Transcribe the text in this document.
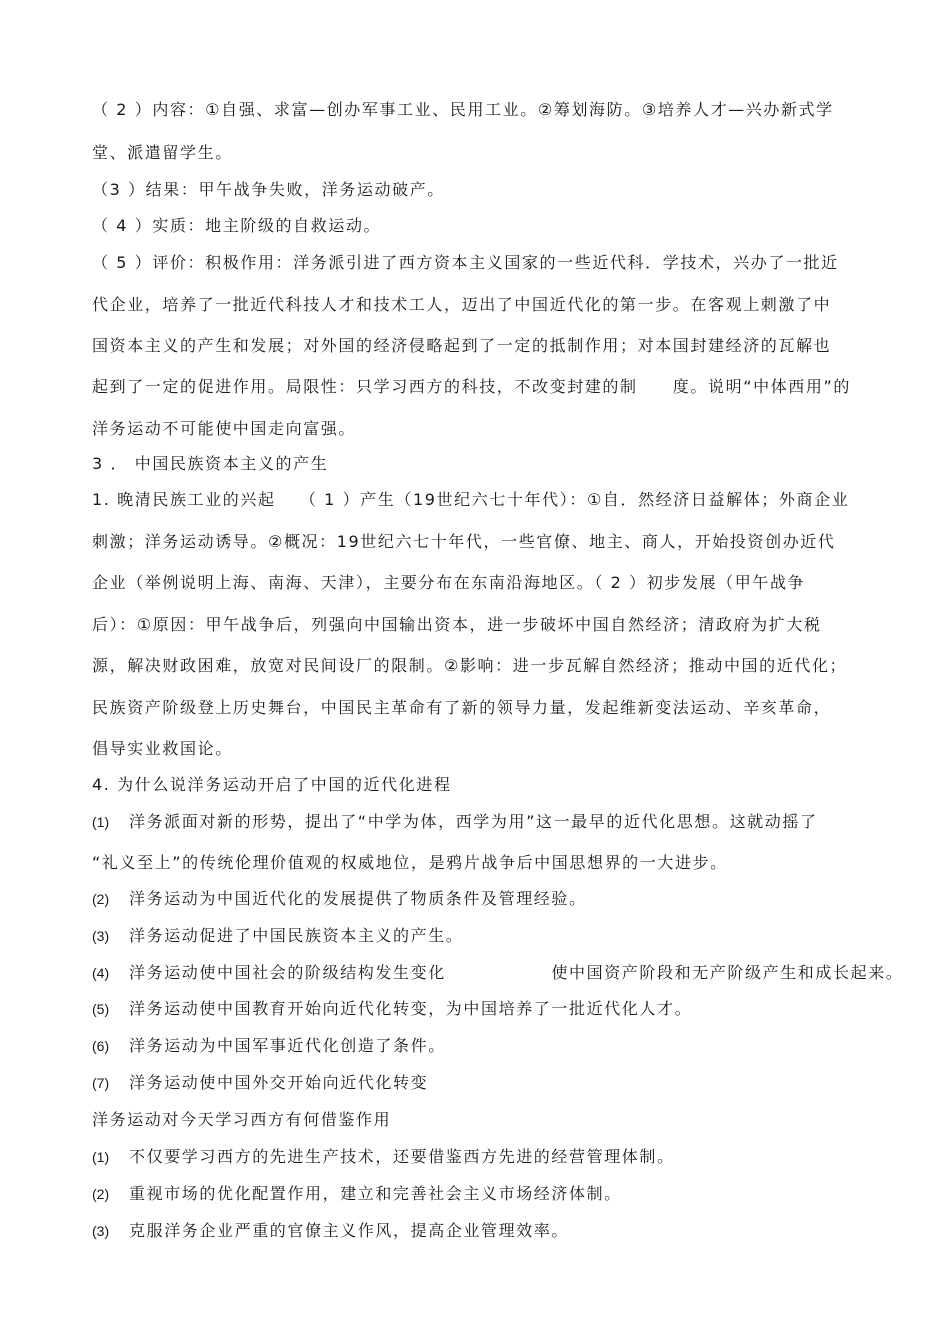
（ 2 ）内容：①自强、求富—创办军事工业、民用工业。②筹划海防。③培养人才—兴办新式学
堂、派遣留学生。
（3 ）结果：甲午战争失败，洋务运动破产。
（ 4 ）实质：地主阶级的自救运动。
（ 5 ）评价：积极作用：洋务派引进了西方资本主义国家的一些近代科．学技术，兴办了一批近
代企业，培养了一批近代科技人才和技术工人，迈出了中国近代化的第一步。在客观上刺激了中
国资本主义的产生和发展；对外国的经济侵略起到了一定的抵制作用；对本国封建经济的瓦解也
起到了一定的促进作用。局限性：只学习西方的科技，不改变封建的制　　度。说明“中体西用”的
洋务运动不可能使中国走向富强。
3 ． 中国民族资本主义的产生
1. 晚清民族工业的兴起　 （ 1 ）产生（19世纪六七十年代）：①自．然经济日益解体；外商企业
刺激；洋务运动诱导。②概况：19世纪六七十年代，一些官僚、地主、商人，开始投资创办近代
企业（举例说明上海、南海、天津），主要分布在东南沿海地区。（ 2 ）初步发展（甲午战争
后）：①原因：甲午战争后，列强向中国输出资本，进一步破坏中国自然经济；清政府为扩大税
源，解决财政困难，放宽对民间设厂的限制。②影响：进一步瓦解自然经济；推动中国的近代化；
民族资产阶级登上历史舞台，中国民主革命有了新的领导力量，发起维新变法运动、辛亥革命，
倡导实业救国论。
4. 为什么说洋务运动开启了中国的近代化进程
(1) 洋务派面对新的形势，提出了“中学为体，西学为用”这一最早的近代化思想。这就动摇了
“礼义至上”的传统伦理价值观的权威地位，是鸦片战争后中国思想界的一大进步。
(2) 洋务运动为中国近代化的发展提供了物质条件及管理经验。
(3) 洋务运动促进了中国民族资本主义的产生。
(4) 洋务运动使中国社会的阶级结构发生变化　　　　　　使中国资产阶段和无产阶级产生和成长起来。
(5) 洋务运动使中国教育开始向近代化转变，为中国培养了一批近代化人才。
(6) 洋务运动为中国军事近代化创造了条件。
(7) 洋务运动使中国外交开始向近代化转变
洋务运动对今天学习西方有何借鉴作用
(1) 不仅要学习西方的先进生产技术，还要借鉴西方先进的经营管理体制。
(2) 重视市场的优化配置作用，建立和完善社会主义市场经济体制。
(3) 克服洋务企业严重的官僚主义作风，提高企业管理效率。
